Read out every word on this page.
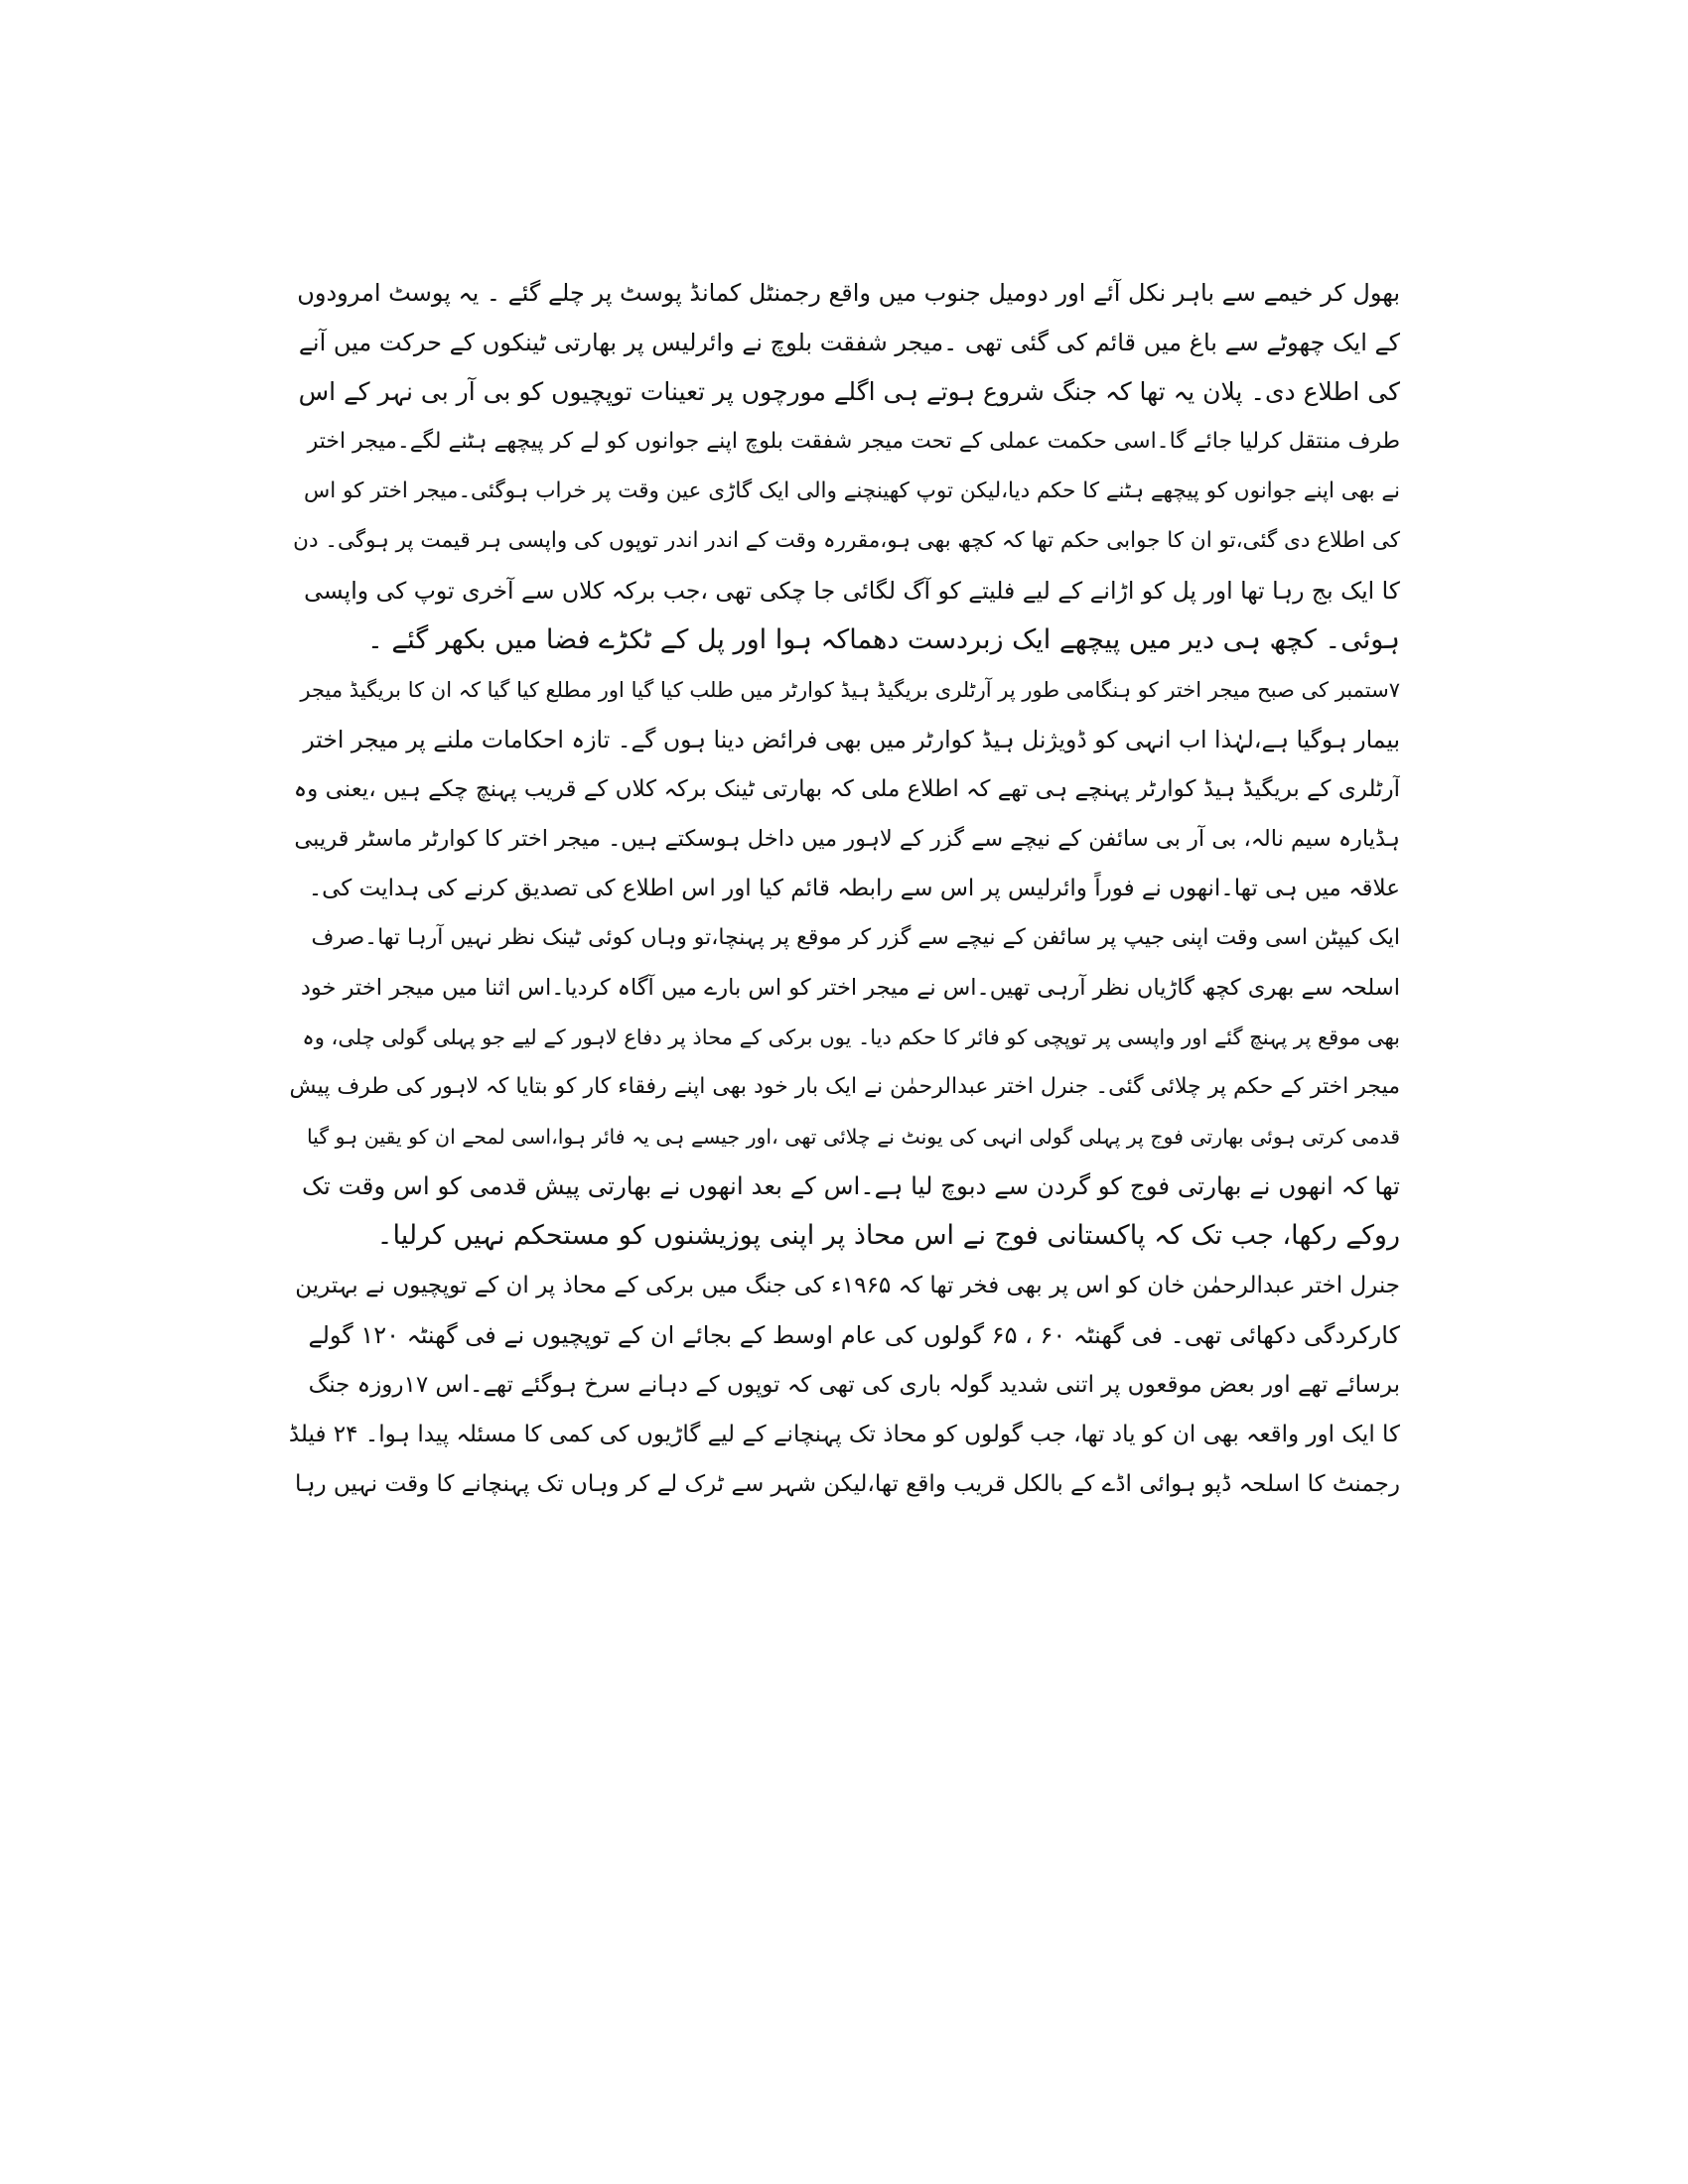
بھول کر خیمے سے باہر نکل آئے اور دومیل جنوب میں واقع رجمنٹل کمانڈ پوسٹ پر چلے گئے ۔ یہ پوسٹ امرودوں
کے ایک چھوٹے سے باغ میں قائم کی گئی تھی ۔میجر شفقت بلوچ نے وائرلیس پر بھارتی ٹینکوں کے حرکت میں آنے
کی اطلاع دی۔ پلان یہ تھا کہ جنگ شروع ہوتے ہی اگلے مورچوں پر تعینات توپچیوں کو بی آر بی نہر کے اس
طرف منتقل کرلیا جائے گا۔اسی حکمت عملی کے تحت میجر شفقت بلوچ اپنے جوانوں کو لے کر پیچھے ہٹنے لگے۔میجر اختر
نے بھی اپنے جوانوں کو پیچھے ہٹنے کا حکم دیا،لیکن توپ کھینچنے والی ایک گاڑی عین وقت پر خراب ہوگئی۔میجر اختر کو اس
کی اطلاع دی گئی،تو ان کا جوابی حکم تھا کہ کچھ بھی ہو،مقررہ وقت کے اندر اندر توپوں کی واپسی ہر قیمت پر ہوگی۔ دن
کا ایک بج رہا تھا اور پل کو اڑانے کے لیے فلیتے کو آگ لگائی جا چکی تھی ،جب برکہ کلاں سے آخری توپ کی واپسی
ہوئی۔ کچھ ہی دیر میں پیچھے ایک زبردست دھماکہ ہوا اور پل کے ٹکڑے فضا میں بکھر گئے ۔

۷ستمبر کی صبح میجر اختر کو ہنگامی طور پر آرٹلری بریگیڈ ہیڈ کوارٹر میں طلب کیا گیا اور مطلع کیا گیا کہ ان کا بریگیڈ میجر
بیمار ہوگیا ہے،لہٰذا اب انہی کو ڈویژنل ہیڈ کوارٹر میں بھی فرائض دینا ہوں گے۔ تازہ احکامات ملنے پر میجر اختر
آرٹلری کے بریگیڈ ہیڈ کوارٹر پہنچے ہی تھے کہ اطلاع ملی کہ بھارتی ٹینک برکہ کلاں کے قریب پہنچ چکے ہیں ،یعنی وہ
ہڈیارہ سیم نالہ، بی آر بی سائفن کے نیچے سے گزر کے لاہور میں داخل ہوسکتے ہیں۔ میجر اختر کا کوارٹر ماسٹر قریبی
علاقہ میں ہی تھا۔انھوں نے فوراً وائرلیس پر اس سے رابطہ قائم کیا اور اس اطلاع کی تصدیق کرنے کی ہدایت کی۔
ایک کیپٹن اسی وقت اپنی جیپ پر سائفن کے نیچے سے گزر کر موقع پر پہنچا،تو وہاں کوئی ٹینک نظر نہیں آرہا تھا۔صرف
اسلحہ سے بھری کچھ گاڑیاں نظر آرہی تھیں۔اس نے میجر اختر کو اس بارے میں آگاہ کردیا۔اس اثنا میں میجر اختر خود
بھی موقع پر پہنچ گئے اور واپسی پر توپچی کو فائر کا حکم دیا۔ یوں برکی کے محاذ پر دفاع لاہور کے لیے جو پہلی گولی چلی، وہ
میجر اختر کے حکم پر چلائی گئی۔ جنرل اختر عبدالرحمٰن نے ایک بار خود بھی اپنے رفقاء کار کو بتایا کہ لاہور کی طرف پیش
قدمی کرتی ہوئی بھارتی فوج پر پہلی گولی انہی کی یونٹ نے چلائی تھی ،اور جیسے ہی یہ فائر ہوا،اسی لمحے ان کو یقین ہو گیا
تھا کہ انھوں نے بھارتی فوج کو گردن سے دبوچ لیا ہے۔اس کے بعد انھوں نے بھارتی پیش قدمی کو اس وقت تک
روکے رکھا، جب تک کہ پاکستانی فوج نے اس محاذ پر اپنی پوزیشنوں کو مستحکم نہیں کرلیا۔

جنرل اختر عبدالرحمٰن خان کو اس پر بھی فخر تھا کہ ۱۹۶۵ء کی جنگ میں برکی کے محاذ پر ان کے توپچیوں نے بہترین
کارکردگی دکھائی تھی۔ فی گھنٹہ ۶۰ ، ۶۵ گولوں کی عام اوسط کے بجائے ان کے توپچیوں نے فی گھنٹہ ۱۲۰ گولے
برسائے تھے اور بعض موقعوں پر اتنی شدید گولہ باری کی تھی کہ توپوں کے دہانے سرخ ہوگئے تھے۔اس ۱۷روزہ جنگ
کا ایک اور واقعہ بھی ان کو یاد تھا، جب گولوں کو محاذ تک پہنچانے کے لیے گاڑیوں کی کمی کا مسئلہ پیدا ہوا۔ ۲۴ فیلڈ
رجمنٹ کا اسلحہ ڈپو ہوائی اڈے کے بالکل قریب واقع تھا،لیکن شہر سے ٹرک لے کر وہاں تک پہنچانے کا وقت نہیں رہا
